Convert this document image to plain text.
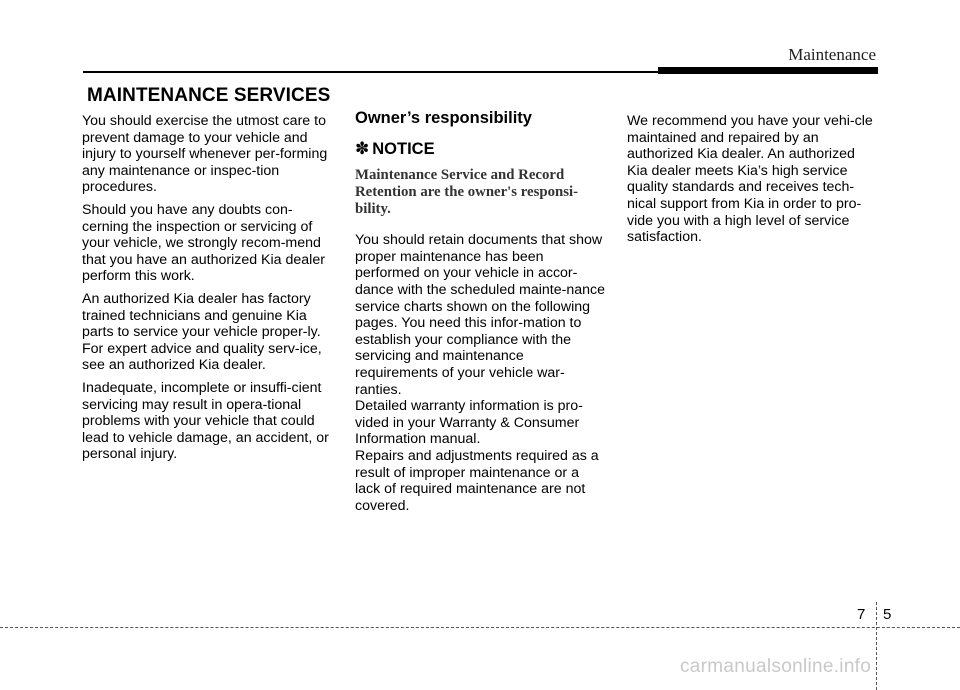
Maintenance
MAINTENANCE SERVICES

You should exercise the utmost care to prevent damage to your vehicle and injury to yourself whenever per-forming any maintenance or inspec-tion procedures.

Should you have any doubts con-cerning the inspection or servicing of your vehicle, we strongly recom-mend that you have an authorized Kia dealer perform this work.

An authorized Kia dealer has factory trained technicians and genuine Kia parts to service your vehicle proper-ly. For expert advice and quality serv-ice, see an authorized Kia dealer.

Inadequate, incomplete or insuffi-cient servicing may result in opera-tional problems with your vehicle that could lead to vehicle damage, an accident, or personal injury.

Owner’s responsibility
✽ NOTICE
Maintenance Service and Record Retention are the owner's responsi-bility.

You should retain documents that show proper maintenance has been performed on your vehicle in accor-dance with the scheduled mainte-nance service charts shown on the following pages. You need this infor-mation to establish your compliance with the servicing and maintenance requirements of your vehicle war-ranties.

Detailed warranty information is pro-vided in your Warranty & Consumer Information manual.

Repairs and adjustments required as a result of improper maintenance or a lack of required maintenance are not covered.

We recommend you have your vehi-cle maintained and repaired by an authorized Kia dealer. An authorized Kia dealer meets Kia’s high service quality standards and receives tech-nical support from Kia in order to pro-vide you with a high level of service satisfaction.

7 5
carmanualsonline.info
